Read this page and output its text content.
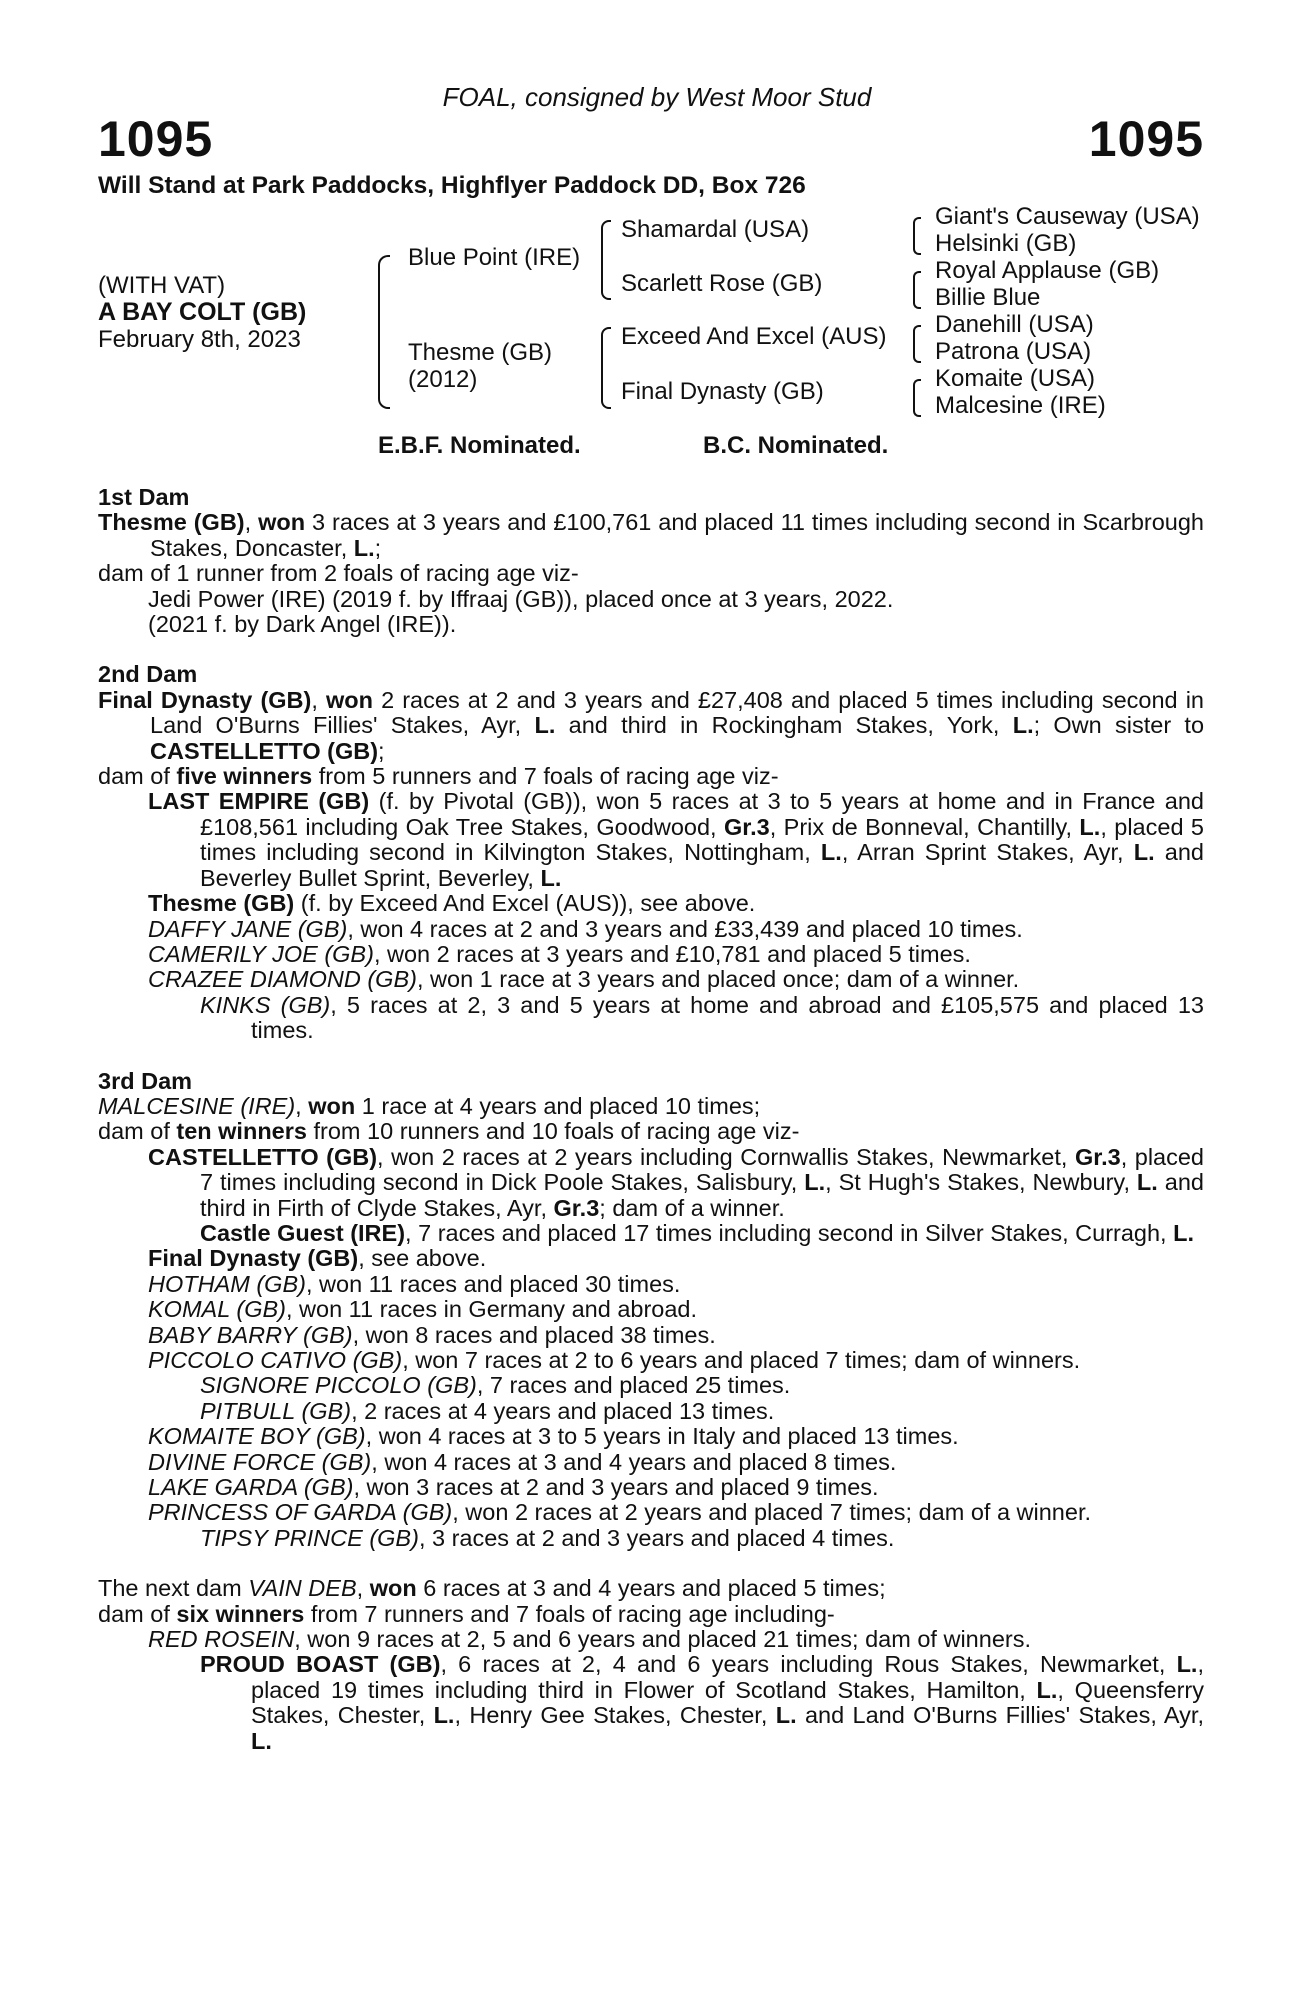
FOAL, consigned by West Moor Stud
1095	1095
Will Stand at Park Paddocks, Highflyer Paddock DD, Box 726
(WITH VAT)
A BAY COLT (GB)
February 8th, 2023
Blue Point (IRE)
Thesme (GB)
(2012)
Shamardal (USA)
Scarlett Rose (GB)
Exceed And Excel (AUS)
Final Dynasty (GB)
Giant's Causeway (USA)
Helsinki (GB)
Royal Applause (GB)
Billie Blue
Danehill (USA)
Patrona (USA)
Komaite (USA)
Malcesine (IRE)
E.B.F. Nominated.	B.C. Nominated.

1st Dam

Thesme (GB), won 3 races at 3 years and £100,761 and placed 11 times including second in Scarbrough Stakes, Doncaster, L.;

dam of 1 runner from 2 foals of racing age viz-

Jedi Power (IRE) (2019 f. by Iffraaj (GB)), placed once at 3 years, 2022.

(2021 f. by Dark Angel (IRE)).

2nd Dam

Final Dynasty (GB), won 2 races at 2 and 3 years and £27,408 and placed 5 times including second in Land O'Burns Fillies' Stakes, Ayr, L. and third in Rockingham Stakes, York, L.; Own sister to CASTELLETTO (GB);

dam of five winners from 5 runners and 7 foals of racing age viz-

LAST EMPIRE (GB) (f. by Pivotal (GB)), won 5 races at 3 to 5 years at home and in France and £108,561 including Oak Tree Stakes, Goodwood, Gr.3, Prix de Bonneval, Chantilly, L., placed 5 times including second in Kilvington Stakes, Nottingham, L., Arran Sprint Stakes, Ayr, L. and Beverley Bullet Sprint, Beverley, L.

Thesme (GB) (f. by Exceed And Excel (AUS)), see above.

DAFFY JANE (GB), won 4 races at 2 and 3 years and £33,439 and placed 10 times.

CAMERILY JOE (GB), won 2 races at 3 years and £10,781 and placed 5 times.

CRAZEE DIAMOND (GB), won 1 race at 3 years and placed once; dam of a winner.

KINKS (GB), 5 races at 2, 3 and 5 years at home and abroad and £105,575 and placed 13 times.

3rd Dam

MALCESINE (IRE), won 1 race at 4 years and placed 10 times;

dam of ten winners from 10 runners and 10 foals of racing age viz-

CASTELLETTO (GB), won 2 races at 2 years including Cornwallis Stakes, Newmarket, Gr.3, placed 7 times including second in Dick Poole Stakes, Salisbury, L., St Hugh's Stakes, Newbury, L. and third in Firth of Clyde Stakes, Ayr, Gr.3; dam of a winner.

Castle Guest (IRE), 7 races and placed 17 times including second in Silver Stakes, Curragh, L.

Final Dynasty (GB), see above.

HOTHAM (GB), won 11 races and placed 30 times.

KOMAL (GB), won 11 races in Germany and abroad.

BABY BARRY (GB), won 8 races and placed 38 times.

PICCOLO CATIVO (GB), won 7 races at 2 to 6 years and placed 7 times; dam of winners.

SIGNORE PICCOLO (GB), 7 races and placed 25 times.

PITBULL (GB), 2 races at 4 years and placed 13 times.

KOMAITE BOY (GB), won 4 races at 3 to 5 years in Italy and placed 13 times.

DIVINE FORCE (GB), won 4 races at 3 and 4 years and placed 8 times.

LAKE GARDA (GB), won 3 races at 2 and 3 years and placed 9 times.

PRINCESS OF GARDA (GB), won 2 races at 2 years and placed 7 times; dam of a winner.

TIPSY PRINCE (GB), 3 races at 2 and 3 years and placed 4 times.

The next dam VAIN DEB, won 6 races at 3 and 4 years and placed 5 times;

dam of six winners from 7 runners and 7 foals of racing age including-

RED ROSEIN, won 9 races at 2, 5 and 6 years and placed 21 times; dam of winners.

PROUD BOAST (GB), 6 races at 2, 4 and 6 years including Rous Stakes, Newmarket, L., placed 19 times including third in Flower of Scotland Stakes, Hamilton, L., Queensferry Stakes, Chester, L., Henry Gee Stakes, Chester, L. and Land O'Burns Fillies' Stakes, Ayr, L.
